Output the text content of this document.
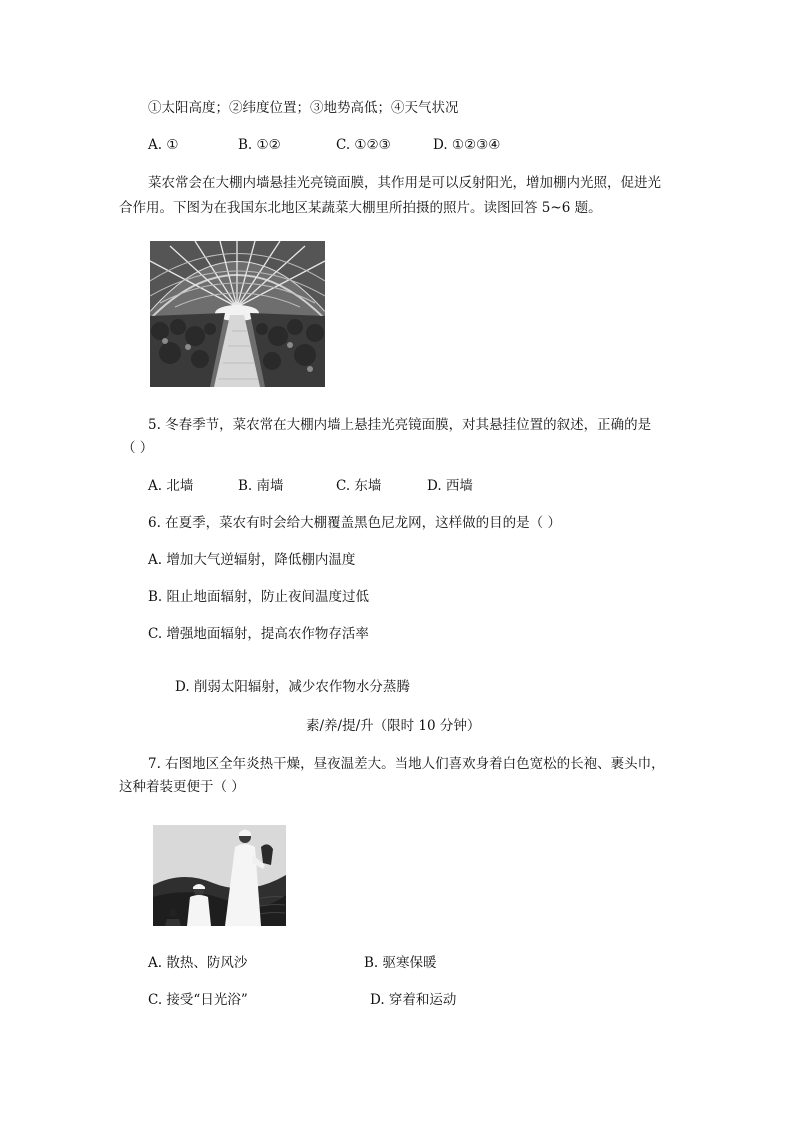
①太阳高度；②纬度位置；③地势高低；④天气状况
A. ①	B. ①②	C. ①②③	D. ①②③④
菜农常会在大棚内墙悬挂光亮镜面膜，其作用是可以反射阳光，增加棚内光照，促进光
合作用。下图为在我国东北地区某蔬菜大棚里所拍摄的照片。读图回答 5~6 题。
5. 冬春季节，菜农常在大棚内墙上悬挂光亮镜面膜，对其悬挂位置的叙述，正确的是
（ ）
A. 北墙	B. 南墙	C. 东墙	D. 西墙
6. 在夏季，菜农有时会给大棚覆盖黑色尼龙网，这样做的目的是（ ）
A. 增加大气逆辐射，降低棚内温度
B. 阻止地面辐射，防止夜间温度过低
C. 增强地面辐射，提高农作物存活率
D. 削弱太阳辐射，减少农作物水分蒸腾
素/养/提/升（限时 10 分钟）
7. 右图地区全年炎热干燥，昼夜温差大。当地人们喜欢身着白色宽松的长袍、裹头巾，
这种着装更便于（ ）
A. 散热、防风沙	B. 驱寒保暖
C. 接受“日光浴”	D. 穿着和运动
